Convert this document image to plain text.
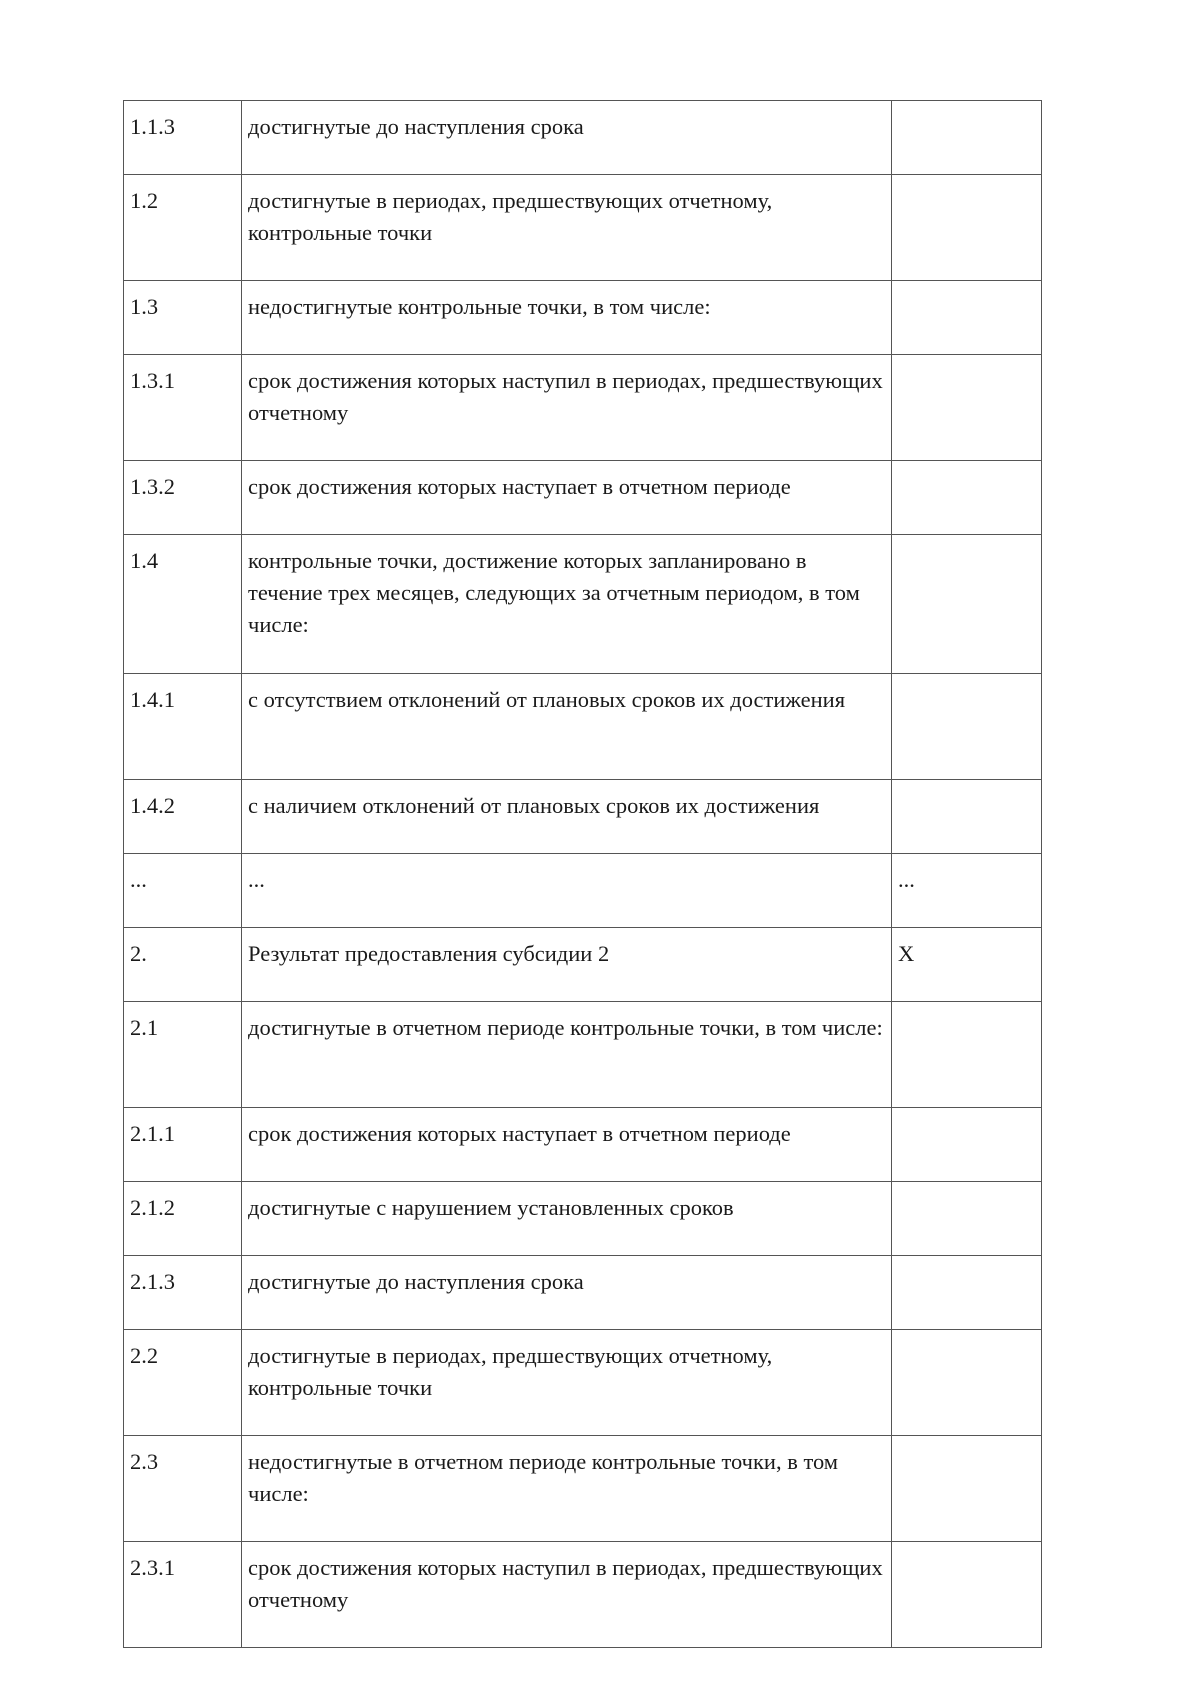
1.1.3	достигнутые до наступления срока	
1.2	достигнутые в периодах, предшествующих отчетному, контрольные точки	
1.3	недостигнутые контрольные точки, в том числе:	
1.3.1	срок достижения которых наступил в периодах, предшествующих отчетному	
1.3.2	срок достижения которых наступает в отчетном периоде	
1.4	контрольные точки, достижение которых запланировано в течение трех месяцев, следующих за отчетным периодом, в том числе:	
1.4.1	с отсутствием отклонений от плановых сроков их достижения	
1.4.2	с наличием отклонений от плановых сроков их достижения	
...	...	...
2.	Результат предоставления субсидии 2	X
2.1	достигнутые в отчетном периоде контрольные точки, в том числе:	
2.1.1	срок достижения которых наступает в отчетном периоде	
2.1.2	достигнутые с нарушением установленных сроков	
2.1.3	достигнутые до наступления срока	
2.2	достигнутые в периодах, предшествующих отчетному, контрольные точки	
2.3	недостигнутые в отчетном периоде контрольные точки, в том числе:	
2.3.1	срок достижения которых наступил в периодах, предшествующих отчетному	
